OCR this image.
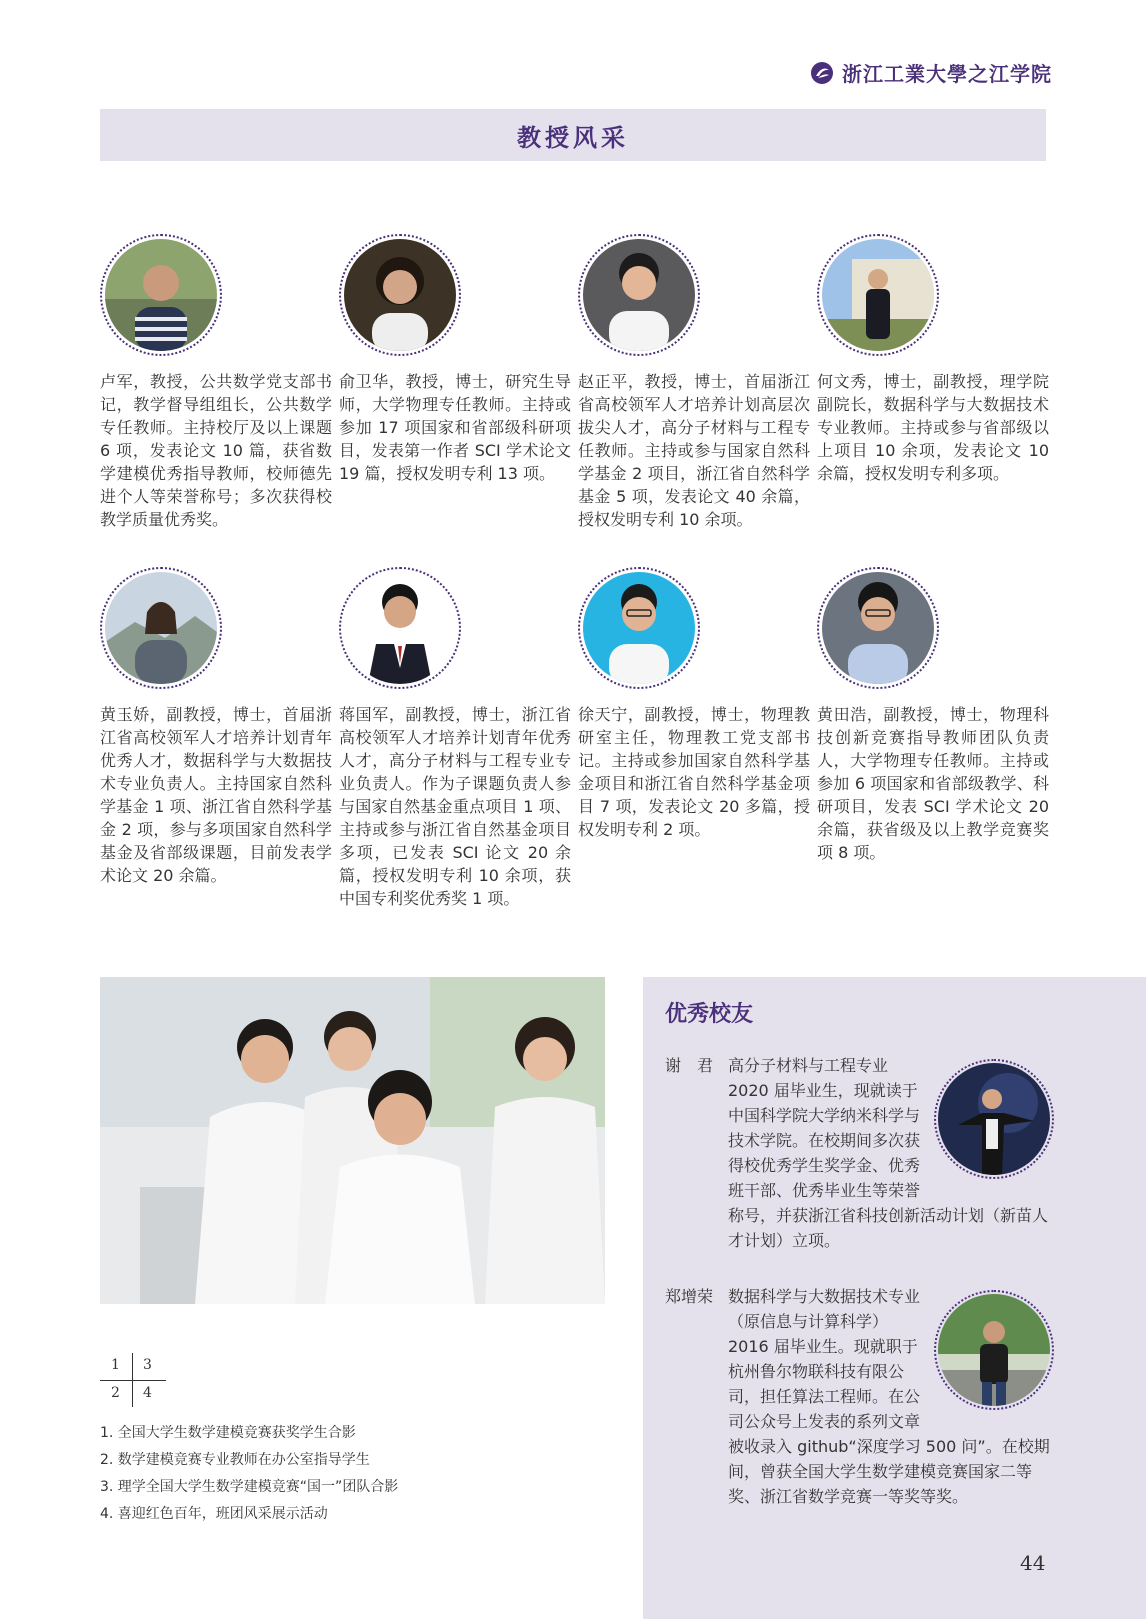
浙江工業大學之江学院
教授风采

卢军，教授，公共数学党支部书记，教学督导组组长，公共数学专任教师。主持校厅及以上课题 6 项，发表论文 10 篇，获省数学建模优秀指导教师，校师德先进个人等荣誉称号；多次获得校教学质量优秀奖。

俞卫华，教授，博士，研究生导师，大学物理专任教师。主持或参加 17 项国家和省部级科研项目，发表第一作者 SCI 学术论文 19 篇，授权发明专利 13 项。

赵正平，教授，博士，首届浙江省高校领军人才培养计划高层次拔尖人才，高分子材料与工程专任教师。主持或参与国家自然科学基金 2 项目，浙江省自然科学基金 5 项，发表论文 40 余篇，授权发明专利 10 余项。

何文秀，博士，副教授，理学院副院长，数据科学与大数据技术专业教师。主持或参与省部级以上项目 10 余项，发表论文 10 余篇，授权发明专利多项。

黄玉娇，副教授，博士，首届浙江省高校领军人才培养计划青年优秀人才，数据科学与大数据技术专业负责人。主持国家自然科学基金 1 项、浙江省自然科学基金 2 项，参与多项国家自然科学基金及省部级课题，目前发表学术论文 20 余篇。

蒋国军，副教授，博士，浙江省高校领军人才培养计划青年优秀人才，高分子材料与工程专业专业负责人。作为子课题负责人参与国家自然基金重点项目 1 项、主持或参与浙江省自然基金项目多项，已发表 SCI 论文 20 余篇，授权发明专利 10 余项，获中国专利奖优秀奖 1 项。

徐天宁，副教授，博士，物理教研室主任，物理教工党支部书记。主持或参加国家自然科学基金项目和浙江省自然科学基金项目 7 项，发表论文 20 多篇，授权发明专利 2 项。

黄田浩，副教授，博士，物理科技创新竞赛指导教师团队负责人，大学物理专任教师。主持或参加 6 项国家和省部级教学、科研项目，发表 SCI 学术论文 20 余篇，获省级及以上教学竞赛奖项 8 项。

1
2
3
4
1. 全国大学生数学建模竞赛获奖学生合影
2. 数学建模竞赛专业教师在办公室指导学生
3. 理学全国大学生数学建模竞赛“国一”团队合影
4. 喜迎红色百年，班团风采展示活动
优秀校友
谢　君 高分子材料与工程专业 2020 届毕业生，现就读于中国科学院大学纳米科学与技术学院。在校期间多次获得校优秀学生奖学金、优秀班干部、优秀毕业生等荣誉称号，并获浙江省科技创新活动计划（新苗人才计划）立项。
郑增荣 数据科学与大数据技术专业（原信息与计算科学）2016 届毕业生。现就职于杭州鲁尔物联科技有限公司，担任算法工程师。在公司公众号上发表的系列文章被收录入 github“深度学习 500 问”。在校期间，曾获全国大学生数学建模竞赛国家二等奖、浙江省数学竞赛一等奖等奖。
44
